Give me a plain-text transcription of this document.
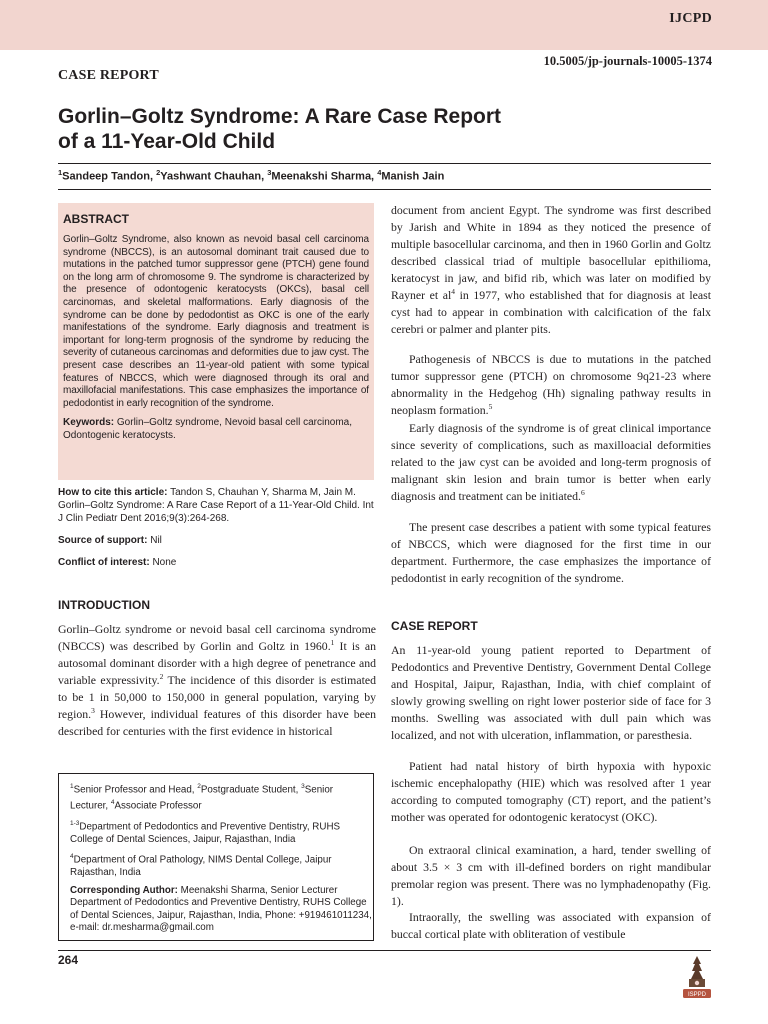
IJCPD
10.5005/jp-journals-10005-1374
CASE REPORT
Gorlin–Goltz Syndrome: A Rare Case Report
of a 11-Year-Old Child
$^1$Sandeep Tandon, $^2$Yashwant Chauhan, $^3$Meenakshi Sharma, $^4$Manish Jain
ABSTRACT

Gorlin–Goltz Syndrome, also known as nevoid basal cell carcinoma syndrome (NBCCS), is an autosomal dominant trait caused due to mutations in the patched tumor suppressor gene (PTCH) gene found on the long arm of chromosome 9. The syndrome is characterized by the presence of odontogenic keratocysts (OKCs), basal cell carcinomas, and skeletal malformations. Early diagnosis of the syndrome can be done by pedodontist as OKC is one of the early manifestations of the syndrome. Early diagnosis and treatment is important for long-term prognosis of the syndrome by reducing the severity of cutaneous carcinomas and deformities due to jaw cyst. The present case describes an 11-year-old patient with some typical features of NBCCS, which were diagnosed through its oral and maxillofacial manifestations. This case emphasizes the importance of pedodontist in early recognition of the syndrome.

Keywords: Gorlin–Goltz syndrome, Nevoid basal cell carcinoma, Odontogenic keratocysts.
How to cite this article: Tandon S, Chauhan Y, Sharma M, Jain M. Gorlin–Goltz Syndrome: A Rare Case Report of a 11-Year-Old Child. Int J Clin Pediatr Dent 2016;9(3):264-268.
Source of support: Nil
Conflict of interest: None
INTRODUCTION

Gorlin–Goltz syndrome or nevoid basal cell carcinoma syndrome (NBCCS) was described by Gorlin and Goltz in 1960.$^1$ It is an autosomal dominant disorder with a high degree of penetrance and variable expressivity.$^2$ The incidence of this disorder is estimated to be 1 in 50,000 to 150,000 in general population, varying by region.$^3$ However, individual features of this disorder have been described for centuries with the first evidence in historical

$^1$Senior Professor and Head, $^2$Postgraduate Student, $^3$Senior Lecturer, $^4$Associate Professor

$^{1-3}$Department of Pedodontics and Preventive Dentistry, RUHS College of Dental Sciences, Jaipur, Rajasthan, India

$^4$Department of Oral Pathology, NIMS Dental College, Jaipur Rajasthan, India

Corresponding Author: Meenakshi Sharma, Senior Lecturer Department of Pedodontics and Preventive Dentistry, RUHS College of Dental Sciences, Jaipur, Rajasthan, India, Phone: +919461011234, e-mail: dr.mesharma@gmail.com

document from ancient Egypt. The syndrome was first described by Jarish and White in 1894 as they noticed the presence of multiple basocellular carcinoma, and then in 1960 Gorlin and Goltz described classical triad of multiple basocellular epithilioma, keratocyst in jaw, and bifid rib, which was later on modified by Rayner et $al^4$ in 1977, who established that for diagnosis at least cyst had to appear in combination with calcification of the falx cerebri or palmer and planter pits.

Pathogenesis of NBCCS is due to mutations in the patched tumor suppressor gene (PTCH) on chromosome 9q21-23 where abnormality in the Hedgehog (Hh) signaling pathway results in neoplasm formation.$^5$

Early diagnosis of the syndrome is of great clinical importance since severity of complications, such as maxilloacial deformities related to the jaw cyst can be avoided and long-term prognosis of malignant skin lesion and brain tumor is better when early diagnosis and treatment can be initiated.$^6$

The present case describes a patient with some typical features of NBCCS, which were diagnosed for the first time in our department. Furthermore, the case emphasizes the importance of pedodontist in early recognition of the syndrome.

CASE REPORT

An 11-year-old young patient reported to Department of Pedodontics and Preventive Dentistry, Government Dental College and Hospital, Jaipur, Rajasthan, India, with chief complaint of slowly growing swelling on right lower posterior side of face for 3 months. Swelling was associated with dull pain which was localized, and not with ulceration, inflammation, or paresthesia.

Patient had natal history of birth hypoxia with hypoxic ischemic encephalopathy (HIE) which was resolved after 1 year according to computed tomography (CT) report, and the patient’s mother was operated for odontogenic keratocyst (OKC).

On extraoral clinical examination, a hard, tender swelling of about 3.5 × 3 cm with ill-defined borders on right mandibular premolar region was present. There was no lymphadenopathy (Fig. 1).

Intraorally, the swelling was associated with expansion of buccal cortical plate with obliteration of vestibule

264
ISPPD
